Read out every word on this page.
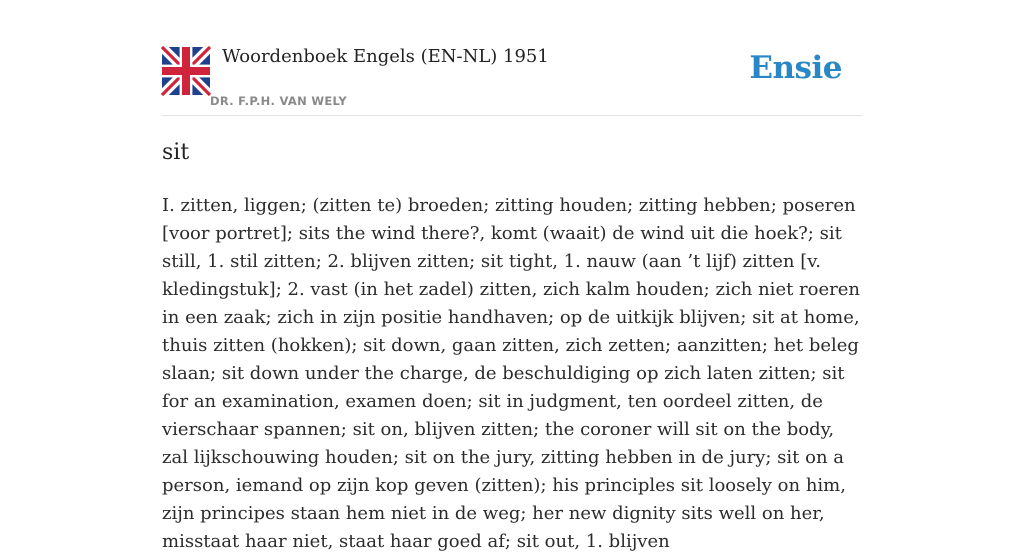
Woordenboek Engels (EN-NL) 1951
DR. F.P.H. VAN WELY
Ensie
sit

I. zitten, liggen; (zitten te) broeden; zitting houden; zitting hebben; poseren [voor portret]; sits the wind there?, komt (waait) de wind uit die hoek?; sit still, 1. stil zitten; 2. blijven zitten; sit tight, 1. nauw (aan ’t lijf) zitten [v. kledingstuk]; 2. vast (in het zadel) zitten, zich kalm houden; zich niet roeren in een zaak; zich in zijn positie handhaven; op de uitkijk blijven; sit at home, thuis zitten (hokken); sit down, gaan zitten, zich zetten; aanzitten; het beleg slaan; sit down under the charge, de beschuldiging op zich laten zitten; sit for an examination, examen doen; sit in judgment, ten oordeel zitten, de vierschaar spannen; sit on, blijven zitten; the coroner will sit on the body, zal lijkschouwing houden; sit on the jury, zitting hebben in de jury; sit on a person, iemand op zijn kop geven (zitten); his principles sit loosely on him, zijn principes staan hem niet in de weg; her new dignity sits well on her, misstaat haar niet, staat haar goed af; sit out, 1. blijven
